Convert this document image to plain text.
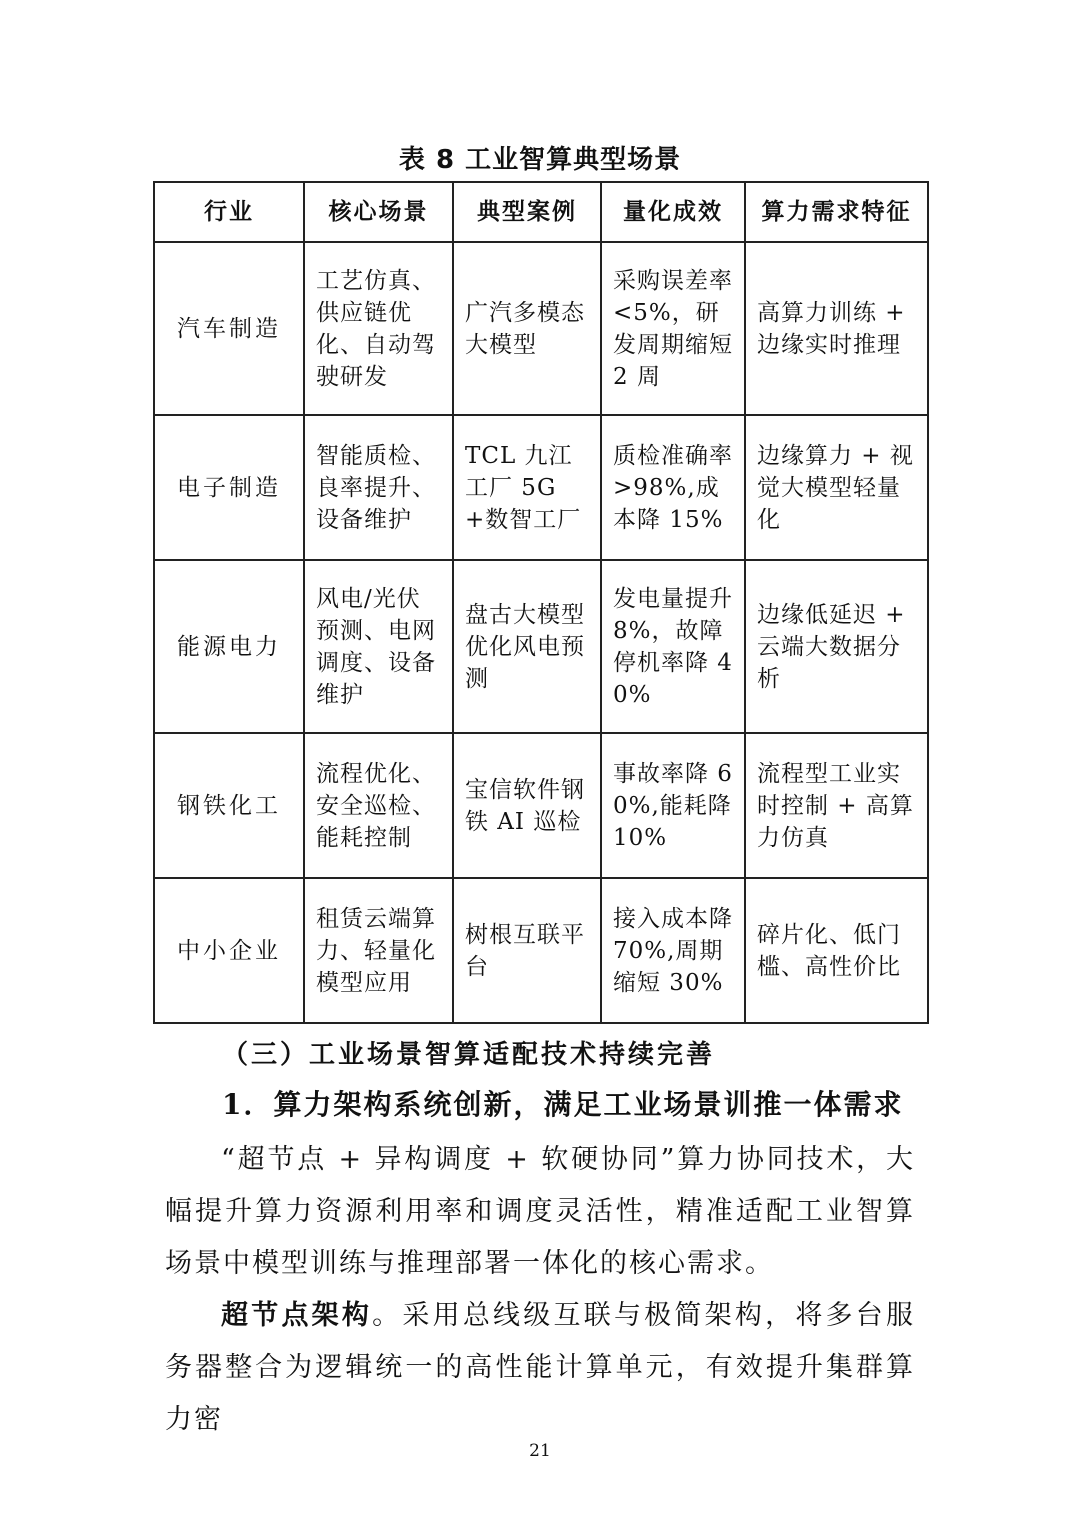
表 8 工业智算典型场景
行业	核心场景	典型案例	量化成效	算力需求特征
汽车制造	工艺仿真、供应链优化、自动驾驶研发	广汽多模态大模型	采购误差率<5%，研发周期缩短 2 周	高算力训练 + 边缘实时推理
电子制造	智能质检、良率提升、设备维护	TCL 九江工厂 5G+数智工厂	质检准确率>98%,成本降 15%	边缘算力 + 视觉大模型轻量化
能源电力	风电/光伏预测、电网调度、设备维护	盘古大模型优化风电预测	发电量提升 8%，故障停机率降 40%	边缘低延迟 + 云端大数据分析
钢铁化工	流程优化、安全巡检、能耗控制	宝信软件钢铁 AI 巡检	事故率降 60%,能耗降 10%	流程型工业实时控制 + 高算力仿真
中小企业	租赁云端算力、轻量化模型应用	树根互联平台	接入成本降 70%,周期缩短 30%	碎片化、低门槛、高性价比
（三）工业场景智算适配技术持续完善
1．算力架构系统创新，满足工业场景训推一体需求

“超节点 + 异构调度 + 软硬协同”算力协同技术，大幅提升算力资源利用率和调度灵活性，精准适配工业智算场景中模型训练与推理部署一体化的核心需求。

超节点架构。采用总线级互联与极简架构，将多台服务器整合为逻辑统一的高性能计算单元，有效提升集群算力密

21
